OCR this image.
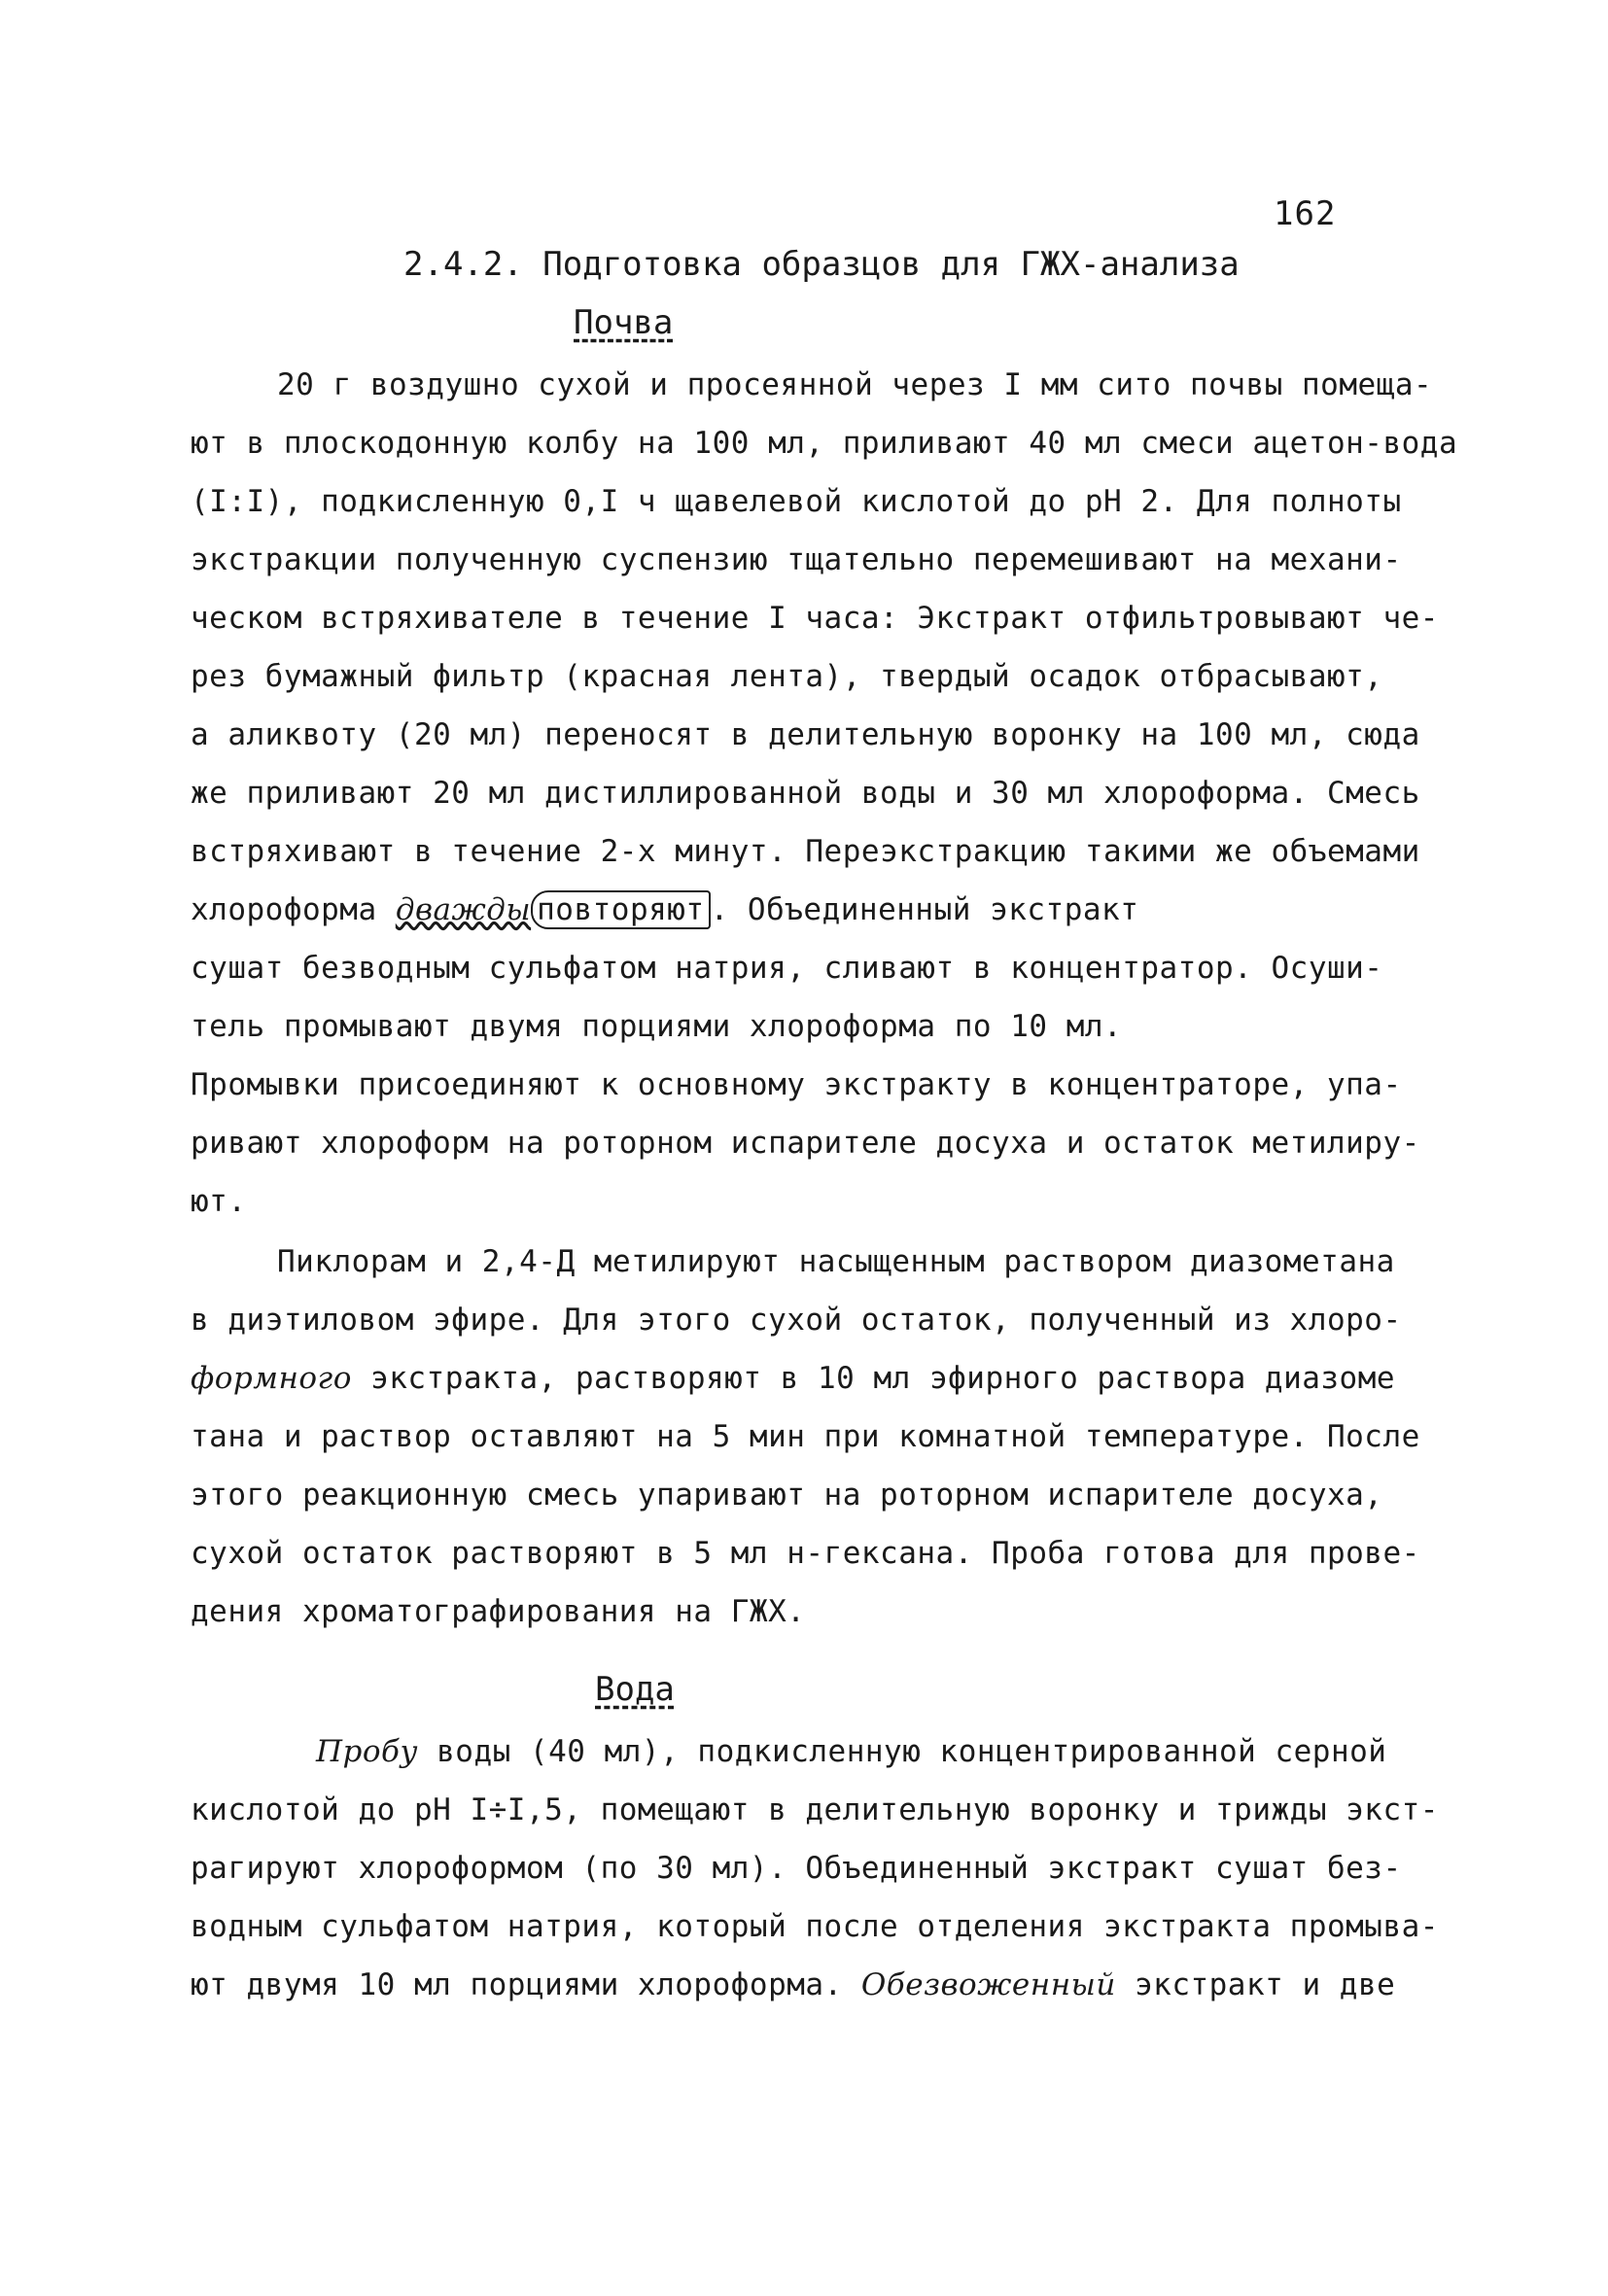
162
2.4.2. Подготовка образцов для ГЖХ-анализа
Почва
20 г воздушно сухой и просеянной через I мм сито почвы помеща-
ют в плоскодонную колбу на 100 мл, приливают 40 мл смеси ацетон-вода
(I:I), подкисленную 0,I ч щавелевой кислотой до рН 2. Для полноты
экстракции полученную суспензию тщательно перемешивают на механи-
ческом встряхивателе в течение I часа: Экстракт отфильтровывают че-
рез бумажный фильтр (красная лента), твердый осадок отбрасывают,
а аликвоту (20 мл) переносят в делительную воронку на 100 мл, сюда
же приливают 20 мл дистиллированной воды и 30 мл хлороформа. Смесь
встряхивают в течение 2-х минут. Переэкстракцию такими же объемами
хлороформа дважды повторяют . Объединенный экстракт
сушат безводным сульфатом натрия, сливают в концентратор. Осуши-
тель промывают двумя порциями хлороформа по 10 мл.
Промывки присоединяют к основному экстракту в концентраторе, упа-
ривают хлороформ на роторном испарителе досуха и остаток метилиру-
ют.
Пиклорам и 2,4-Д метилируют насыщенным раствором диазометана
в диэтиловом эфире. Для этого сухой остаток, полученный из хлоро-
формного экстракта, растворяют в 10 мл эфирного раствора диазоме
тана и раствор оставляют на 5 мин при комнатной температуре. После
этого реакционную смесь упаривают на роторном испарителе досуха,
сухой остаток растворяют в 5 мл н-гексана. Проба готова для прове-
дения хроматографирования на ГЖХ.
Вода
Пробу воды (40 мл), подкисленную концентрированной серной
кислотой до рН I÷I,5, помещают в делительную воронку и трижды экст-
рагируют хлороформом (по 30 мл). Объединенный экстракт сушат без-
водным сульфатом натрия, который после отделения экстракта промыва-
ют двумя 10 мл порциями хлороформа. Обезвоженный экстракт и две
